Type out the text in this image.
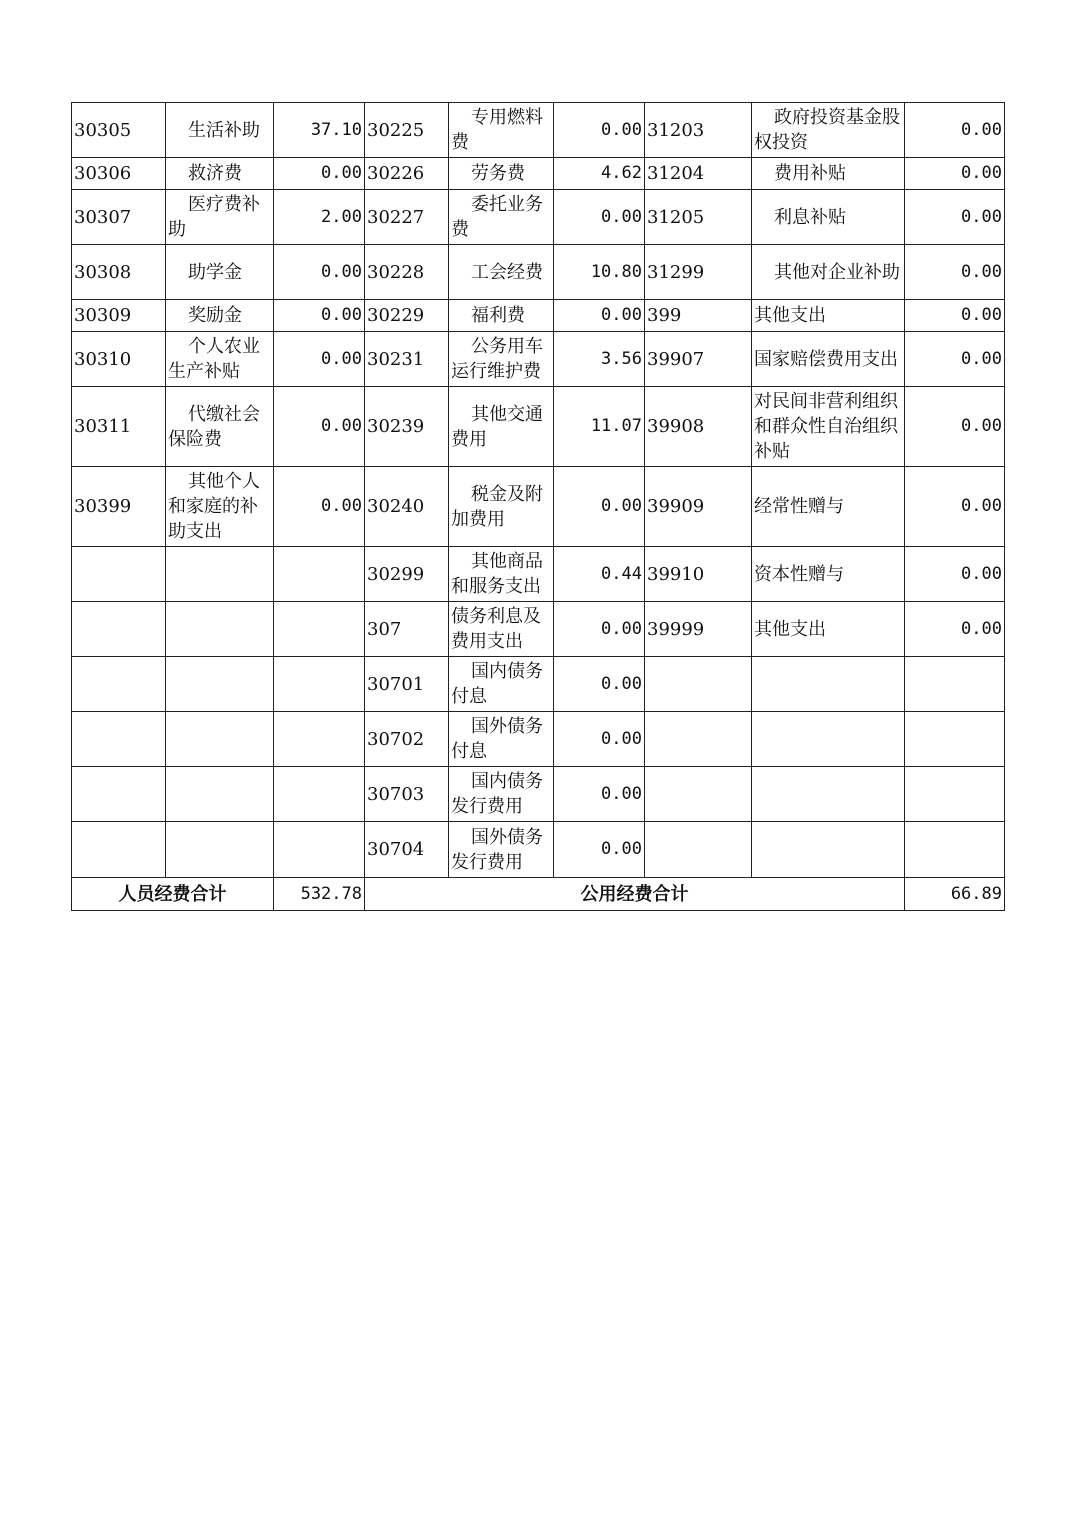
30305	生活补助	37.10	30225	专用燃料费	0.00	31203	政府投资基金股权投资	0.00
30306	救济费	0.00	30226	劳务费	4.62	31204	费用补贴	0.00
30307	医疗费补助	2.00	30227	委托业务费	0.00	31205	利息补贴	0.00
30308	助学金	0.00	30228	工会经费	10.80	31299	其他对企业补助	0.00
30309	奖励金	0.00	30229	福利费	0.00	399	其他支出	0.00
30310	个人农业生产补贴	0.00	30231	公务用车运行维护费	3.56	39907	国家赔偿费用支出	0.00
30311	代缴社会保险费	0.00	30239	其他交通费用	11.07	39908	对民间非营利组织和群众性自治组织补贴	0.00
30399	其他个人和家庭的补助支出	0.00	30240	税金及附加费用	0.00	39909	经常性赠与	0.00
			30299	其他商品和服务支出	0.44	39910	资本性赠与	0.00
			307	债务利息及费用支出	0.00	39999	其他支出	0.00
			30701	国内债务付息	0.00			
			30702	国外债务付息	0.00			
			30703	国内债务发行费用	0.00			
			30704	国外债务发行费用	0.00			
人员经费合计		532.78	公用经费合计					66.89
